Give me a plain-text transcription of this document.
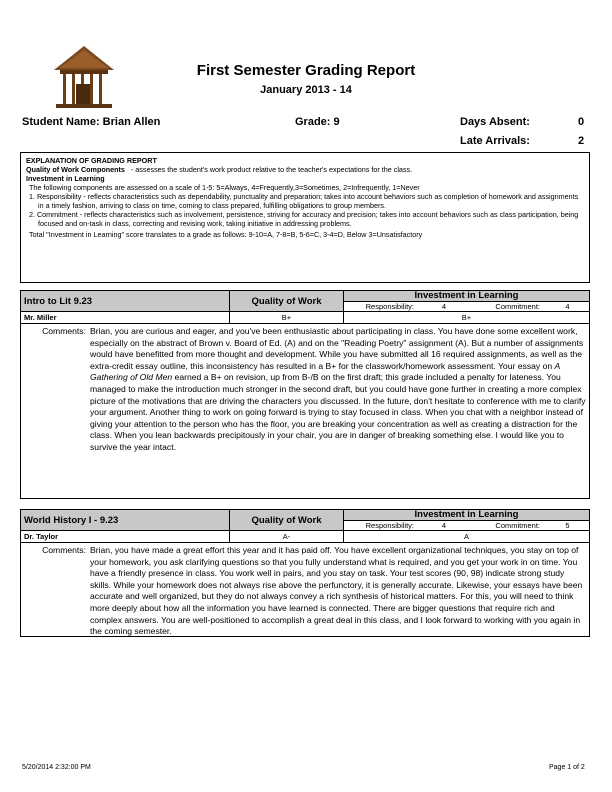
First Semester Grading Report
January 2013 - 14
Student Name: Brian Allen	Grade: 9	Days Absent:	0
Late Arrivals:	2
EXPLANATION OF GRADING REPORT
Quality of Work Components - assesses the student's work product relative to the teacher's expectations for the class.
Investment in Learning
The following components are assessed on a scale of 1-5: 5=Always, 4=Frequently,3=Sometimes, 2=Infrequently, 1=Never
1. Responsibility - reflects characteristics such as dependability, punctuality and preparation; takes into account behaviors such as completion of homework and assignments in a timely fashion, arriving to class on time, coming to class prepared, fulfilling obligations to group members.
2. Commitment - reflects characteristics such as involvement, persistence, striving for accuracy and precision; takes into account behaviors such as class participation, being focused and on-task in class, correcting and revising work, taking initiative in addressing problems.
Total "Investment in Learning" score translates to a grade as follows: 9-10=A, 7-8=B, 5-6=C, 3-4=D, Below 3=Unsatisfactory
Intro to Lit 9.23	Quality of Work
Investment in Learning
Responsibility:	4	Commitment:	4
Mr. Miller	B+	B+
Comments: Brian, you are curious and eager, and you've been enthusiastic about participating in class. You have done some excellent work, especially on the abstract of Brown v. Board of Ed. (A) and on the "Reading Poetry" assignment (A). But a number of assignments would have benefitted from more thought and development. While you have submitted all 16 required assignments, as well as the extra-credit essay outline, this inconsistency has resulted in a B+ for the classwork/homework assessment. Your essay on A Gathering of Old Men earned a B+ on revision, up from B-/B on the first draft; this grade included a penalty for lateness. You managed to make the introduction much stronger in the second draft, but you could have gone further in creating a more complex picture of the motivations that are driving the characters you discussed. In the future, don't hesitate to conference with me to clarify your argument. Another thing to work on going forward is trying to stay focused in class. When you chat with a neighbor instead of giving your attention to the person who has the floor, you are breaking your concentration as well as creating a distraction for the class. When you lean backwards precipitously in your chair, you are in danger of breaking something else. I would like you to survive the year intact.
World History I - 9.23	Quality of Work
Investment in Learning
Responsibility:	4	Commitment:	5
Dr. Taylor	A-	A
Comments: Brian, you have made a great effort this year and it has paid off. You have excellent organizational techniques, you stay on top of your homework, you ask clarifying questions so that you fully understand what is required, and you get your work in on time. You have a friendly presence in class. You work well in pairs, and you stay on task. Your test scores (90, 98) indicate strong study skills. While your homework does not always rise above the perfunctory, it is generally accurate. Likewise, your essays have been accurate and well organized, but they do not always convey a rich synthesis of historical matters. For this, you will need to think more deeply about how all the information you have learned is connected. There are bigger questions that require rich and complex answers. You are well-positioned to accomplish a great deal in this class, and I look forward to working with you again in the coming semester.
5/20/2014 2:32:00 PM	Page 1 of 2
